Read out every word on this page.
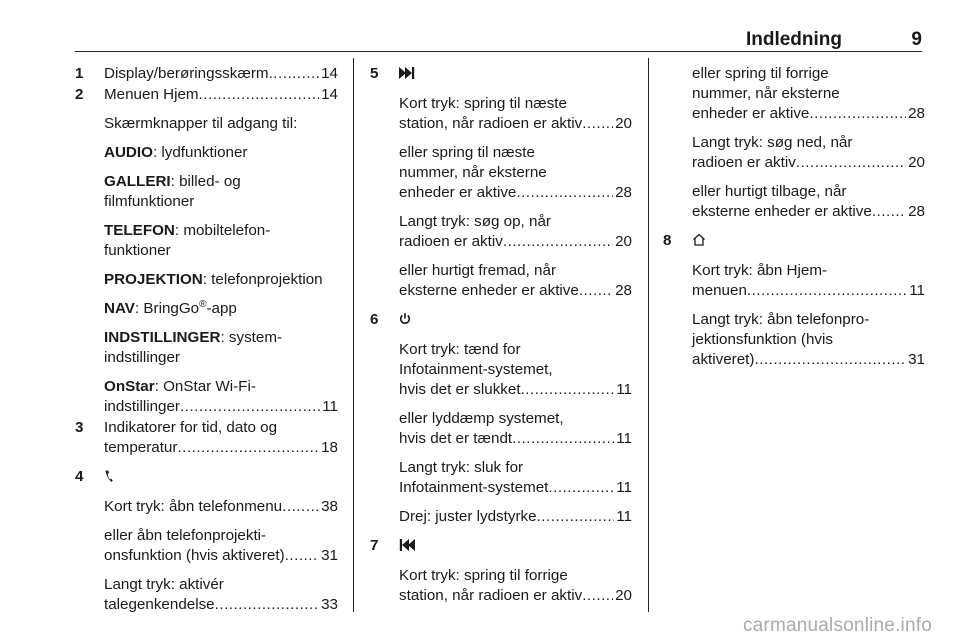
Indledning	9
1 Display/berøringsskærm .....	14
2 Menuen Hjem .....	14
Skærmknapper til adgang til:
AUDIO: lydfunktioner
GALLERI: billed- og
filmfunktioner
TELEFON: mobiltelefon-
funktioner
PROJEKTION: telefonprojektion
NAV: BringGo®-app
INDSTILLINGER: system-
indstillinger
OnStar: OnStar Wi-Fi-
indstillinger .....	11
3 Indikatorer for tid, dato og
temperatur .....	18
4
Kort tryk: åbn telefonmenu .....	38
eller åbn telefonprojekti-
onsfunktion (hvis aktiveret) ..... 31
Langt tryk: aktivér
talegenkendelse .....	33
5
Kort tryk: spring til næste
station, når radioen er aktiv ..... 20
eller spring til næste
nummer, når eksterne
enheder er aktive .....	28
Langt tryk: søg op, når
radioen er aktiv .....	20
eller hurtigt fremad, når
eksterne enheder er aktive ..... 28
6
Kort tryk: tænd for
Infotainment-systemet,
hvis det er slukket .....	11
eller lyddæmp systemet,
hvis det er tændt .....	11
Langt tryk: sluk for
Infotainment-systemet .....	11
Drej: juster lydstyrke .....	11
7
Kort tryk: spring til forrige
station, når radioen er aktiv ..... 20
eller spring til forrige
nummer, når eksterne
enheder er aktive .....	28
Langt tryk: søg ned, når
radioen er aktiv .....	20
eller hurtigt tilbage, når
eksterne enheder er aktive ..... 28
8
Kort tryk: åbn Hjem-
menuen .....	11
Langt tryk: åbn telefonpro-
jektionsfunktion (hvis
aktiveret) .....	31
carmanualsonline.info
